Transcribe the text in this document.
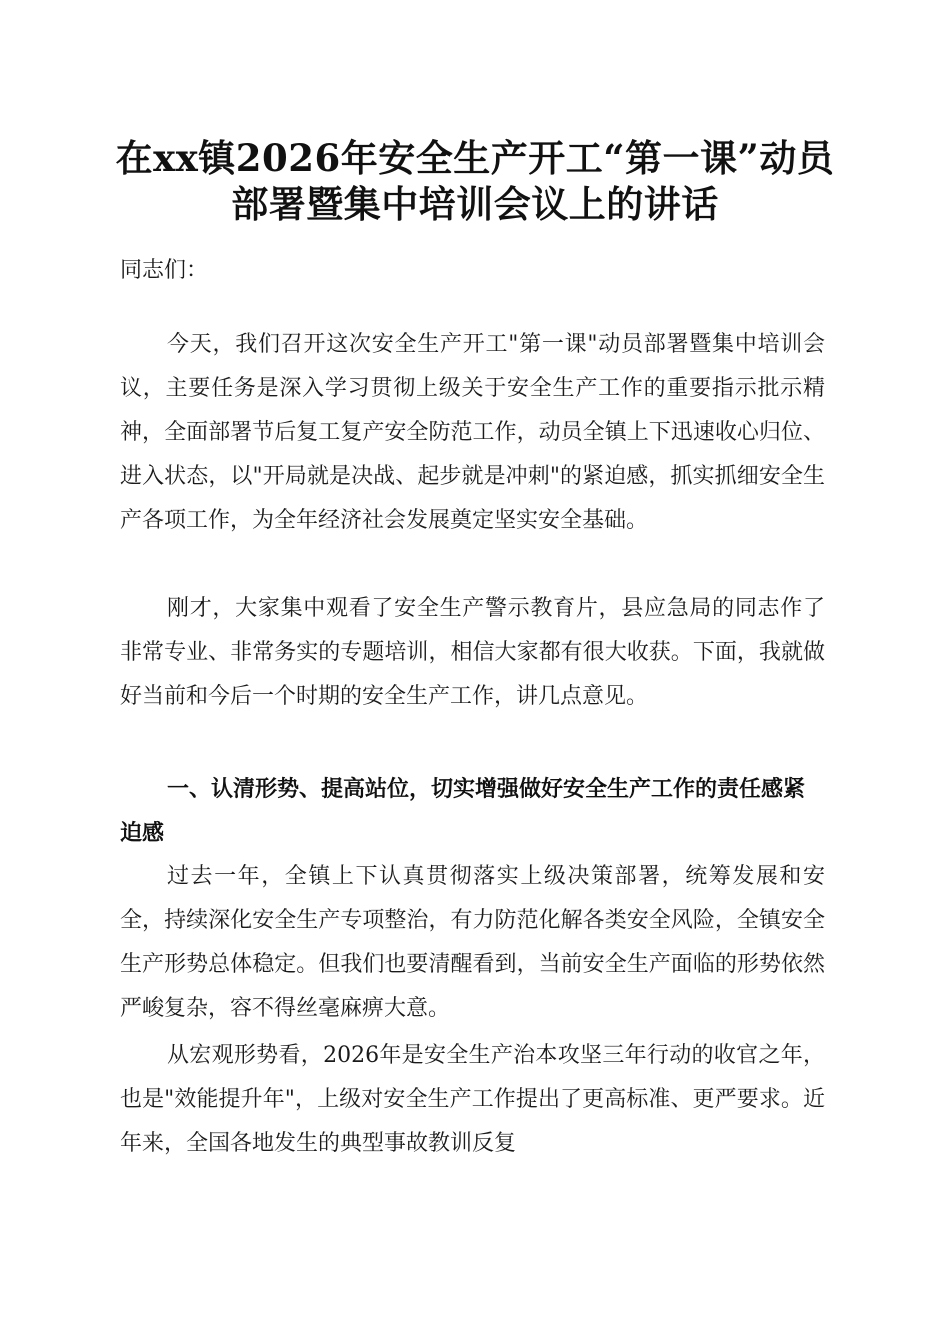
在xx镇2026年安全生产开工“第一课”动员
部署暨集中培训会议上的讲话

同志们：

今天，我们召开这次安全生产开工"第一课"动员部署暨集中培训会议，主要任务是深入学习贯彻上级关于安全生产工作的重要指示批示精神，全面部署节后复工复产安全防范工作，动员全镇上下迅速收心归位、进入状态，以"开局就是决战、起步就是冲刺"的紧迫感，抓实抓细安全生产各项工作，为全年经济社会发展奠定坚实安全基础。

刚才，大家集中观看了安全生产警示教育片，县应急局的同志作了非常专业、非常务实的专题培训，相信大家都有很大收获。下面，我就做好当前和今后一个时期的安全生产工作，讲几点意见。

一、认清形势、提高站位，切实增强做好安全生产工作的责任感紧迫感

过去一年，全镇上下认真贯彻落实上级决策部署，统筹发展和安全，持续深化安全生产专项整治，有力防范化解各类安全风险，全镇安全生产形势总体稳定。但我们也要清醒看到，当前安全生产面临的形势依然严峻复杂，容不得丝毫麻痹大意。

从宏观形势看，2026年是安全生产治本攻坚三年行动的收官之年，也是"效能提升年"，上级对安全生产工作提出了更高标准、更严要求。近年来，全国各地发生的典型事故教训反复
